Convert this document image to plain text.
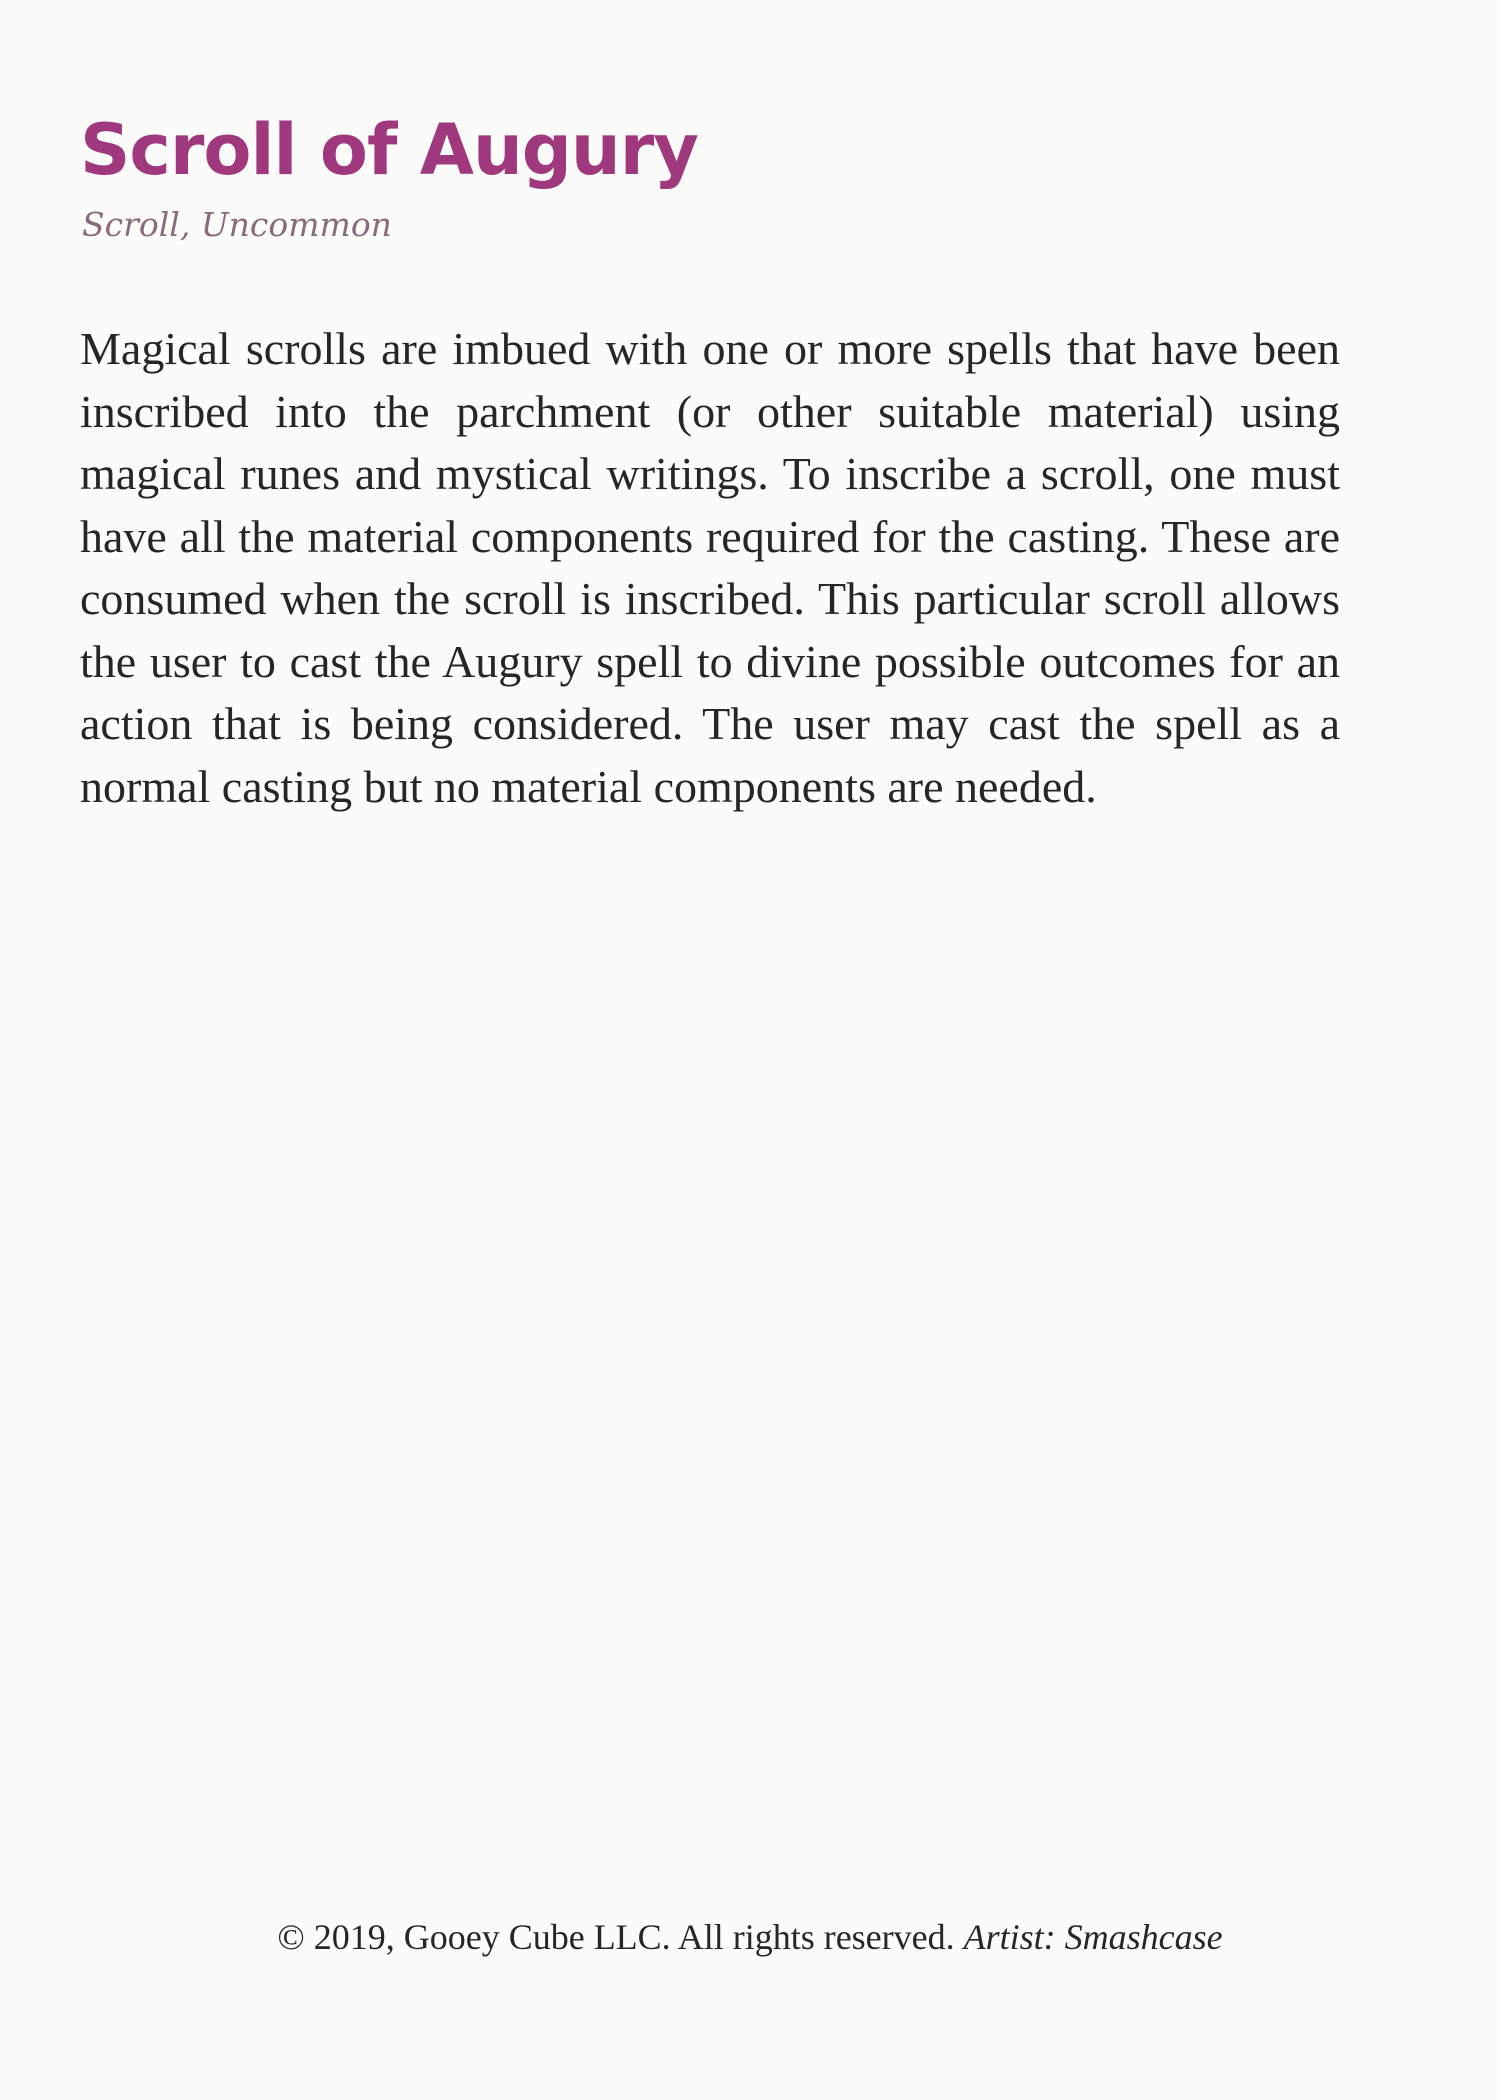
Scroll of Augury

Scroll, Uncommon

Magical scrolls are imbued with one or more spells that have been inscribed into the parchment (or other suitable material) using magical runes and mystical writings. To inscribe a scroll, one must have all the material components required for the casting. These are consumed when the scroll is inscribed. This particular scroll allows the user to cast the Augury spell to divine possible outcomes for an action that is being considered. The user may cast the spell as a normal casting but no material components are needed.

© 2019, Gooey Cube LLC. All rights reserved. Artist: Smashcase
